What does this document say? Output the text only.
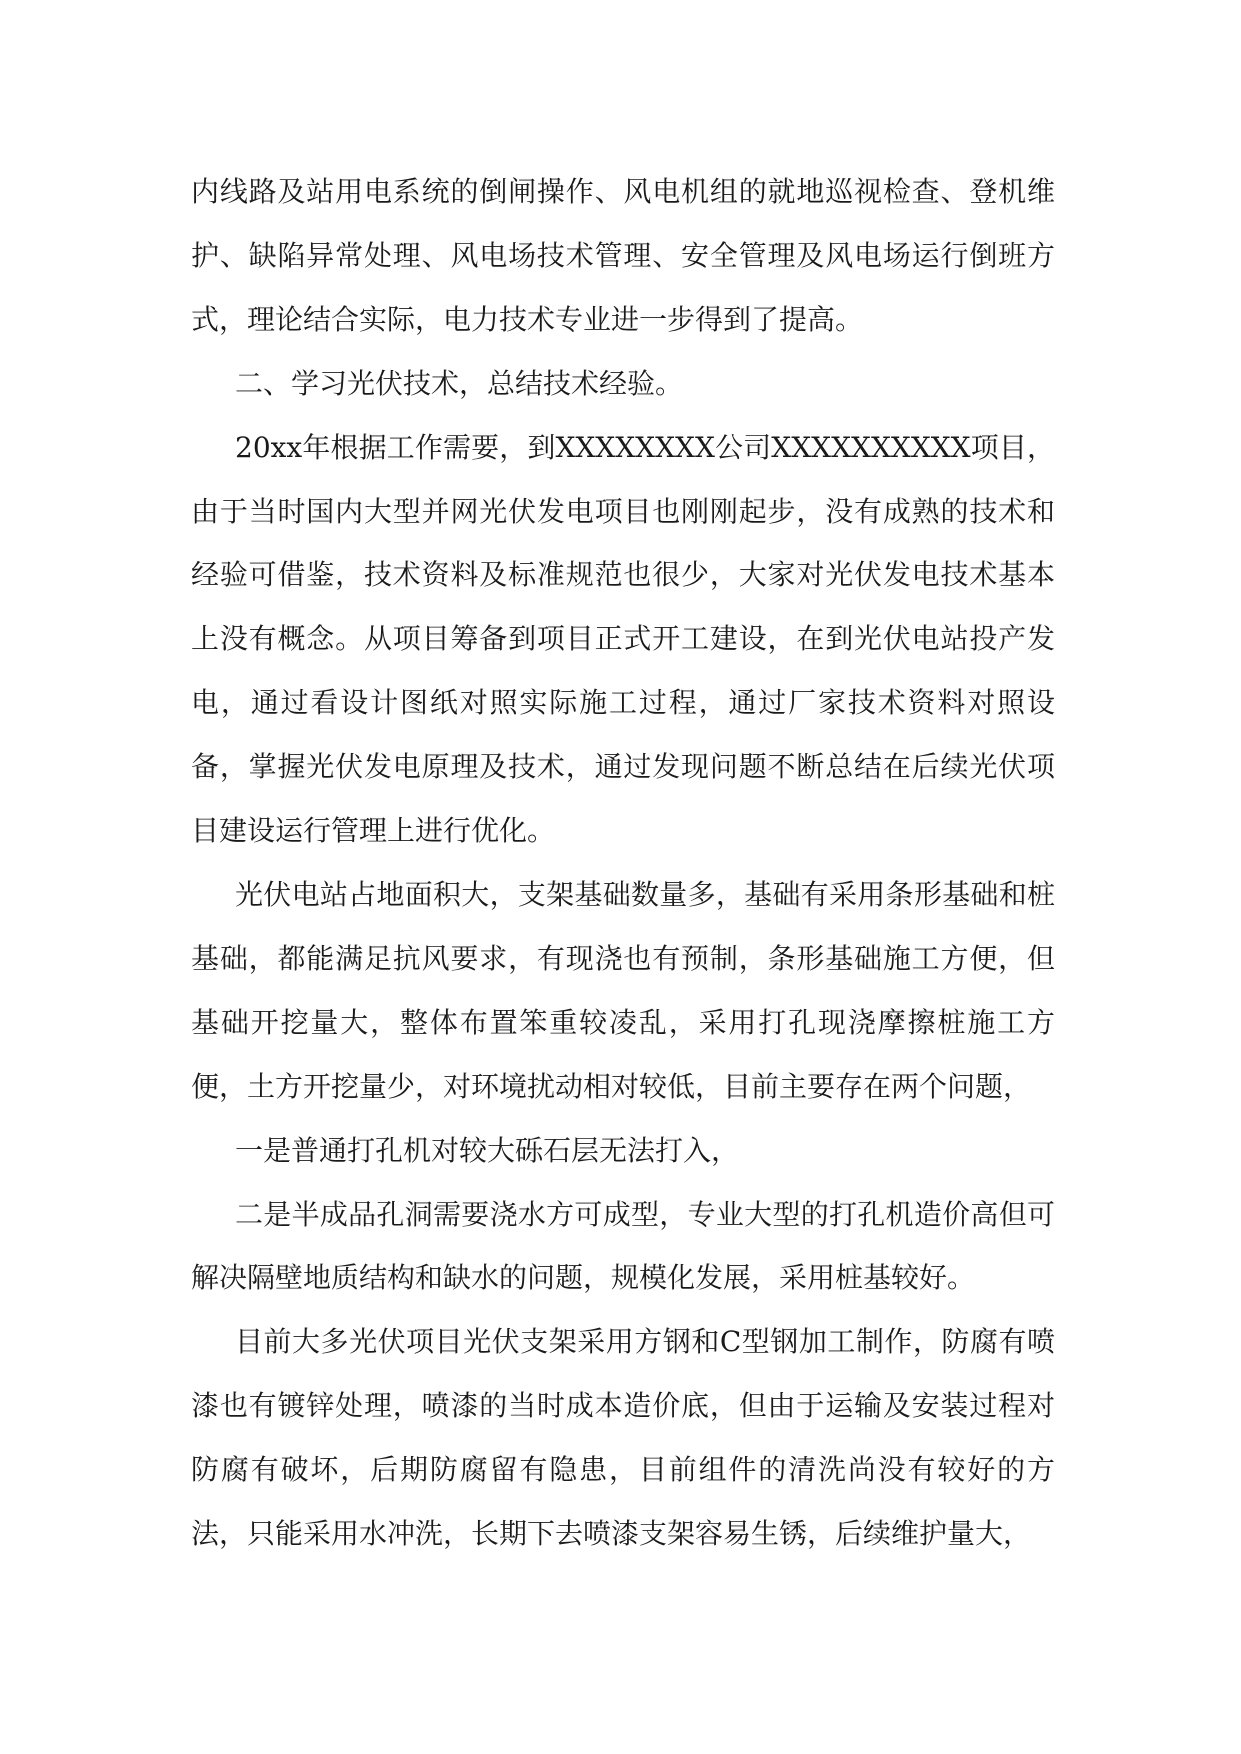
内线路及站用电系统的倒闸操作、风电机组的就地巡视检查、登机维护、缺陷异常处理、风电场技术管理、安全管理及风电场运行倒班方式，理论结合实际，电力技术专业进一步得到了提高。

二、学习光伏技术，总结技术经验。

20xx年根据工作需要，到XXXXXXXX公司XXXXXXXXXX项目，由于当时国内大型并网光伏发电项目也刚刚起步，没有成熟的技术和经验可借鉴，技术资料及标准规范也很少，大家对光伏发电技术基本上没有概念。从项目筹备到项目正式开工建设，在到光伏电站投产发电，通过看设计图纸对照实际施工过程，通过厂家技术资料对照设备，掌握光伏发电原理及技术，通过发现问题不断总结在后续光伏项目建设运行管理上进行优化。

光伏电站占地面积大，支架基础数量多，基础有采用条形基础和桩基础，都能满足抗风要求，有现浇也有预制，条形基础施工方便，但基础开挖量大，整体布置笨重较凌乱，采用打孔现浇摩擦桩施工方便，土方开挖量少，对环境扰动相对较低，目前主要存在两个问题，

一是普通打孔机对较大砾石层无法打入，

二是半成品孔洞需要浇水方可成型，专业大型的打孔机造价高但可解决隔壁地质结构和缺水的问题，规模化发展，采用桩基较好。

目前大多光伏项目光伏支架采用方钢和C型钢加工制作，防腐有喷漆也有镀锌处理，喷漆的当时成本造价底，但由于运输及安装过程对防腐有破坏，后期防腐留有隐患，目前组件的清洗尚没有较好的方法，只能采用水冲洗，长期下去喷漆支架容易生锈，后续维护量大，
